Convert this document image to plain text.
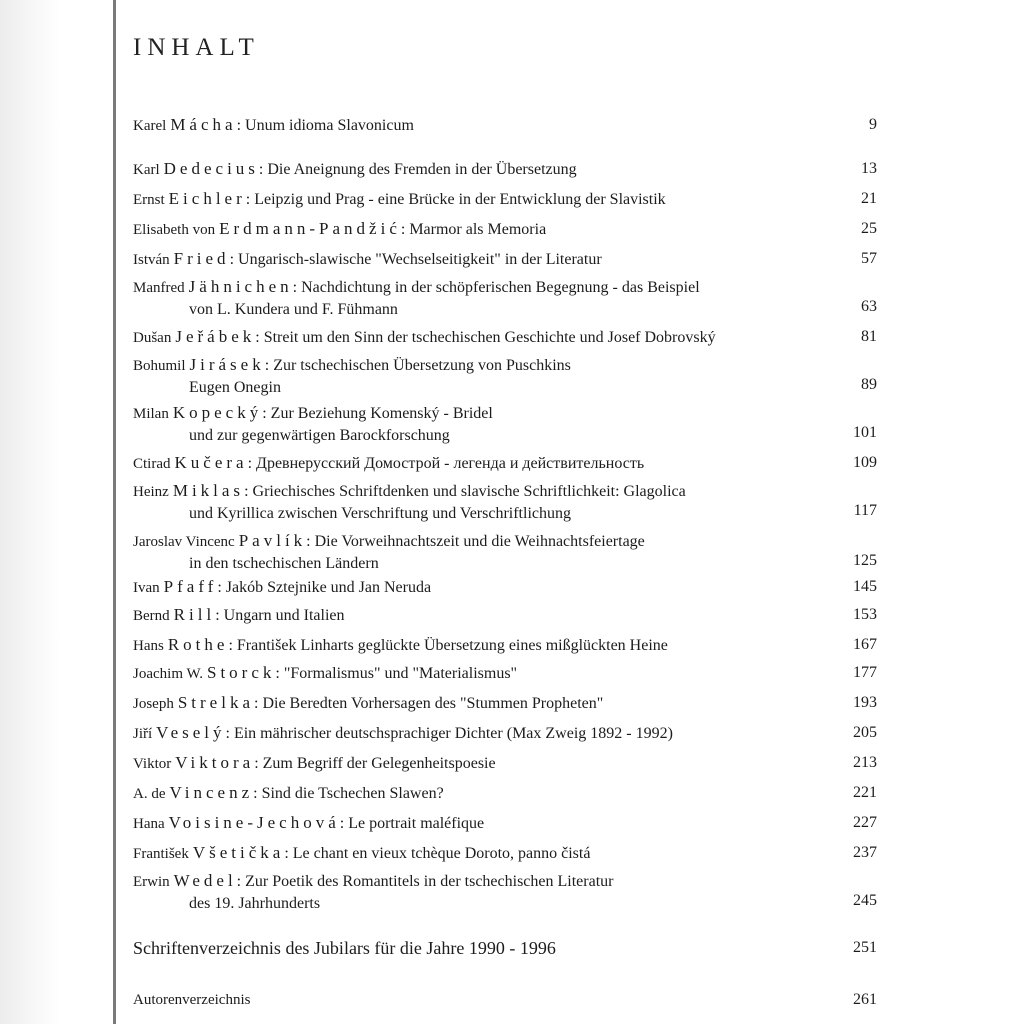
INHALT
Karel Mácha: Unum idioma Slavonicum	9
Karl Dedecius: Die Aneignung des Fremden in der Übersetzung	13
Ernst Eichler: Leipzig und Prag - eine Brücke in der Entwicklung der Slavistik	21
Elisabeth von Erdmann-Pandžić: Marmor als Memoria	25
István Fried: Ungarisch-slawische "Wechselseitigkeit" in der Literatur	57
Manfred Jähnichen: Nachdichtung in der schöpferischen Begegnung - das Beispiel
von L. Kundera und F. Fühmann	63
Dušan Jeřábek: Streit um den Sinn der tschechischen Geschichte und Josef Dobrovský	81
Bohumil Jirásek: Zur tschechischen Übersetzung von Puschkins
Eugen Onegin	89
Milan Kopecký: Zur Beziehung Komenský - Bridel
und zur gegenwärtigen Barockforschung	101
Ctirad Kučera: Древнерусский Домострой - легенда и действительность	109
Heinz Miklas: Griechisches Schriftdenken und slavische Schriftlichkeit: Glagolica
und Kyrillica zwischen Verschriftung und Verschriftlichung	117
Jaroslav Vincenc Pavlík: Die Vorweihnachtszeit und die Weihnachtsfeiertage
in den tschechischen Ländern	125
Ivan Pfaff: Jakób Sztejnike und Jan Neruda	145
Bernd Rill: Ungarn und Italien	153
Hans Rothe: František Linharts geglückte Übersetzung eines mißglückten Heine	167
Joachim W. Storck: "Formalismus" und "Materialismus"	177
Joseph Strelka: Die Beredten Vorhersagen des "Stummen Propheten"	193
Jiří Veselý: Ein mährischer deutschsprachiger Dichter (Max Zweig 1892 - 1992)	205
Viktor Viktora: Zum Begriff der Gelegenheitspoesie	213
A. de Vincenz: Sind die Tschechen Slawen?	221
Hana Voisine-Jechová: Le portrait maléfique	227
František Všetička: Le chant en vieux tchèque Doroto, panno čistá	237
Erwin Wedel: Zur Poetik des Romantitels in der tschechischen Literatur
des 19. Jahrhunderts	245
Schriftenverzeichnis des Jubilars für die Jahre 1990 - 1996	251
Autorenverzeichnis	261
